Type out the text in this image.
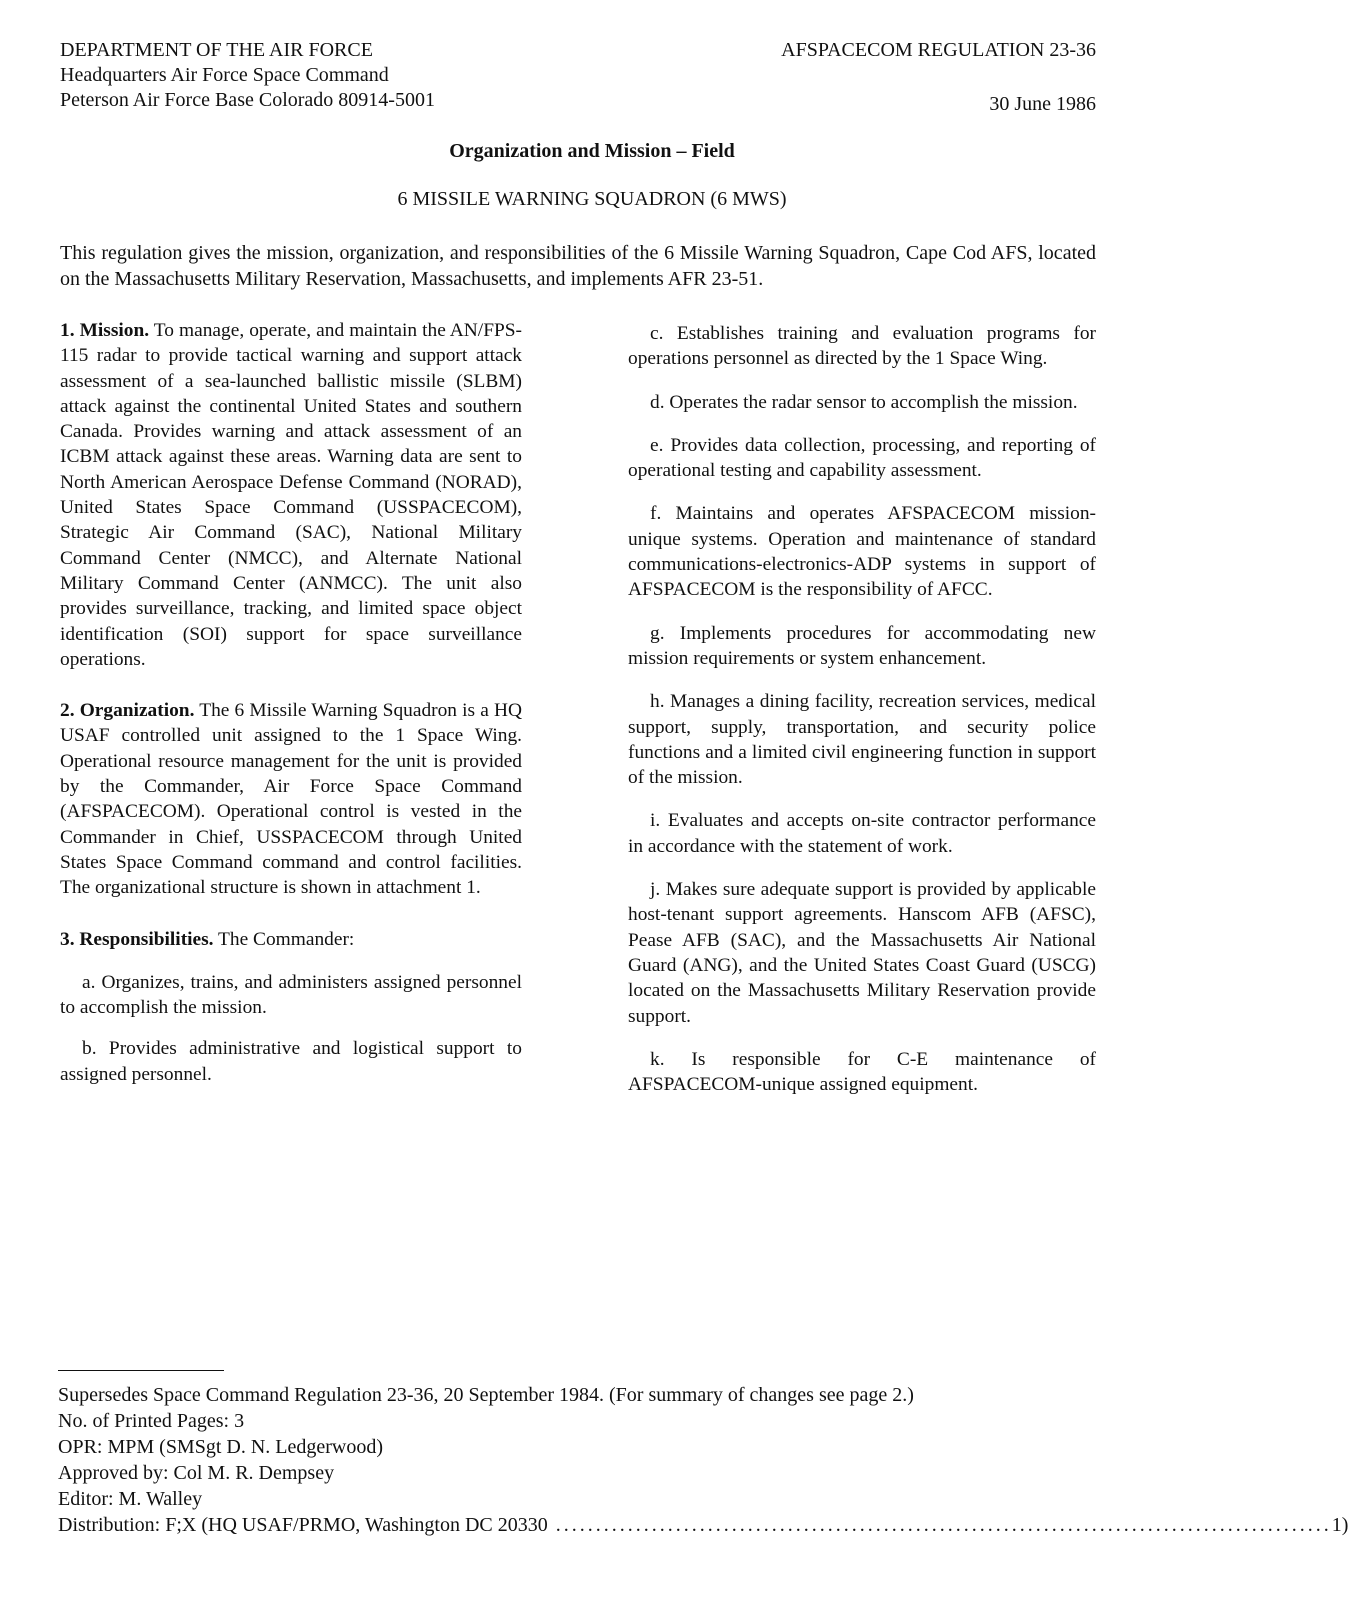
DEPARTMENT OF THE AIR FORCE
Headquarters Air Force Space Command
Peterson Air Force Base Colorado 80914-5001
AFSPACECOM REGULATION 23-36
30 June 1986
Organization and Mission – Field
6 MISSILE WARNING SQUADRON (6 MWS)
This regulation gives the mission, organization, and responsibilities of the 6 Missile Warning Squadron, Cape Cod AFS, located on the Massachusetts Military Reservation, Massachusetts, and implements AFR 23-51.

1. Mission. To manage, operate, and maintain the AN/FPS-115 radar to provide tactical warning and support attack assessment of a sea-launched ballistic missile (SLBM) attack against the continental United States and southern Canada. Provides warning and attack assessment of an ICBM attack against these areas. Warning data are sent to North American Aerospace Defense Command (NORAD), United States Space Command (USSPACECOM), Strategic Air Command (SAC), National Military Command Center (NMCC), and Alternate National Military Command Center (ANMCC). The unit also provides surveillance, tracking, and limited space object identification (SOI) support for space surveillance operations.

2. Organization. The 6 Missile Warning Squadron is a HQ USAF controlled unit assigned to the 1 Space Wing. Operational resource management for the unit is provided by the Commander, Air Force Space Command (AFSPACECOM). Operational control is vested in the Commander in Chief, USSPACECOM through United States Space Command command and control facilities. The organizational structure is shown in attachment 1.

3. Responsibilities. The Commander:

a. Organizes, trains, and administers assigned personnel to accomplish the mission.

b. Provides administrative and logistical support to assigned personnel.

c. Establishes training and evaluation programs for operations personnel as directed by the 1 Space Wing.

d. Operates the radar sensor to accomplish the mission.

e. Provides data collection, processing, and reporting of operational testing and capability assessment.

f. Maintains and operates AFSPACECOM mission-unique systems. Operation and maintenance of standard communications-electronics-ADP systems in support of AFSPACECOM is the responsibility of AFCC.

g. Implements procedures for accommodating new mission requirements or system enhancement.

h. Manages a dining facility, recreation services, medical support, supply, transportation, and security police functions and a limited civil engineering function in support of the mission.

i. Evaluates and accepts on-site contractor performance in accordance with the statement of work.

j. Makes sure adequate support is provided by applicable host-tenant support agreements. Hanscom AFB (AFSC), Pease AFB (SAC), and the Massachusetts Air National Guard (ANG), and the United States Coast Guard (USCG) located on the Massachusetts Military Reservation provide support.

k. Is responsible for C-E maintenance of AFSPACECOM-unique assigned equipment.

Supersedes Space Command Regulation 23-36, 20 September 1984. (For summary of changes see page 2.)
No. of Printed Pages: 3
OPR: MPM (SMSgt D. N. Ledgerwood)
Approved by: Col M. R. Dempsey
Editor: M. Walley
Distribution: F;X (HQ USAF/PRMO, Washington DC 20330 ................................................................................................. 1)
